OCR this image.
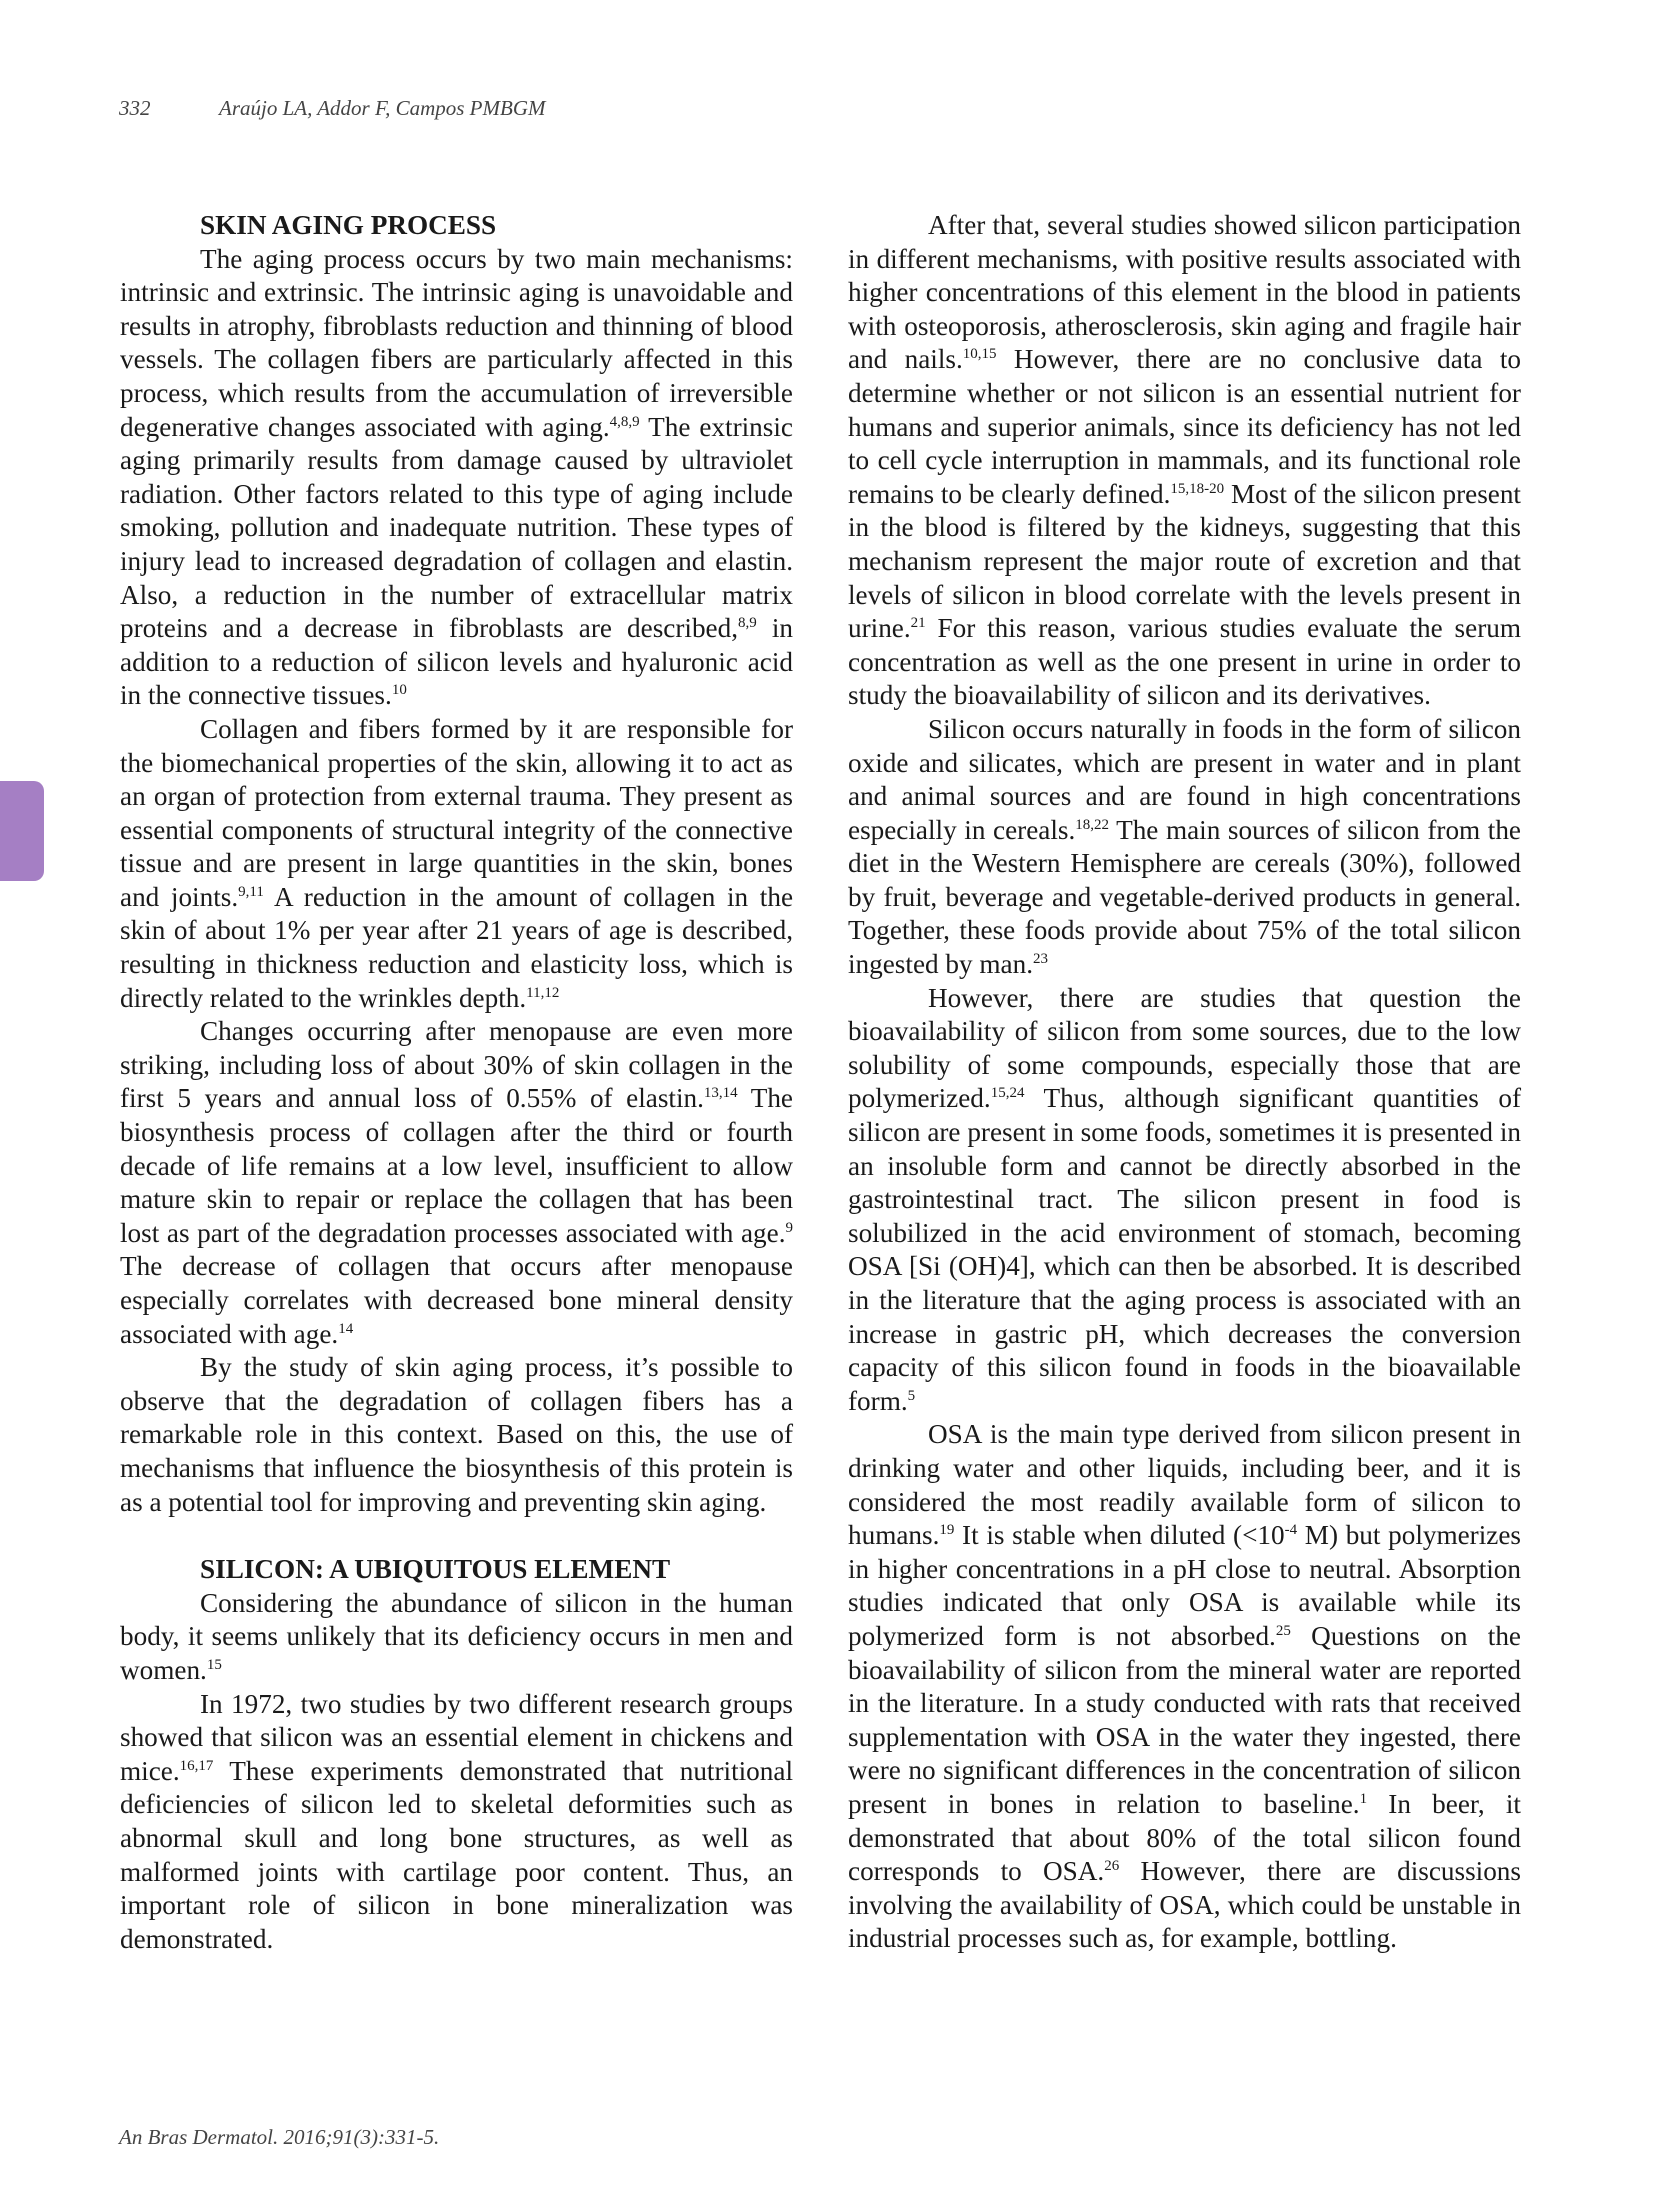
332	Araújo LA, Addor F, Campos PMBGM
SKIN AGING PROCESS

The aging process occurs by two main mechanisms: intrinsic and extrinsic. The intrinsic aging is unavoidable and results in atrophy, fibroblasts reduction and thinning of blood vessels. The collagen fibers are particularly affected in this process, which results from the accumulation of irreversible degenerative changes associated with aging.$^{4,8,9}$ The extrinsic aging primarily results from damage caused by ultraviolet radiation. Other factors related to this type of aging include smoking, pollution and inadequate nutrition. These types of injury lead to increased degradation of collagen and elastin. Also, a reduction in the number of extracellular matrix proteins and a decrease in fibroblasts are described,$^{8,9}$ in addition to a reduction of silicon levels and hyaluronic acid in the connective tissues.$^{10}$

Collagen and fibers formed by it are responsible for the biomechanical properties of the skin, allowing it to act as an organ of protection from external trauma. They present as essential components of structural integrity of the connective tissue and are present in large quantities in the skin, bones and joints.$^{9,11}$ A reduction in the amount of collagen in the skin of about 1% per year after 21 years of age is described, resulting in thickness reduction and elasticity loss, which is directly related to the wrinkles depth.$^{11,12}$

Changes occurring after menopause are even more striking, including loss of about 30% of skin collagen in the first 5 years and annual loss of 0.55% of elastin.$^{13,14}$ The biosynthesis process of collagen after the third or fourth decade of life remains at a low level, insufficient to allow mature skin to repair or replace the collagen that has been lost as part of the degradation processes associated with age.$^9$ The decrease of collagen that occurs after menopause especially correlates with decreased bone mineral density associated with age.$^{14}$

By the study of skin aging process, it’s possible to observe that the degradation of collagen fibers has a remarkable role in this context. Based on this, the use of mechanisms that influence the biosynthesis of this protein is as a potential tool for improving and preventing skin aging.

SILICON: A UBIQUITOUS ELEMENT

Considering the abundance of silicon in the human body, it seems unlikely that its deficiency occurs in men and women.$^{15}$

In 1972, two studies by two different research groups showed that silicon was an essential element in chickens and mice.$^{16,17}$ These experiments demonstrated that nutritional deficiencies of silicon led to skeletal deformities such as abnormal skull and long bone structures, as well as malformed joints with cartilage poor content. Thus, an important role of silicon in bone mineralization was demonstrated.

After that, several studies showed silicon participation in different mechanisms, with positive results associated with higher concentrations of this element in the blood in patients with osteoporosis, atherosclerosis, skin aging and fragile hair and nails.$^{10,15}$ However, there are no conclusive data to determine whether or not silicon is an essential nutrient for humans and superior animals, since its deficiency has not led to cell cycle interruption in mammals, and its functional role remains to be clearly defined.$^{15,18-20}$ Most of the silicon present in the blood is filtered by the kidneys, suggesting that this mechanism represent the major route of excretion and that levels of silicon in blood correlate with the levels present in urine.$^{21}$ For this reason, various studies evaluate the serum concentration as well as the one present in urine in order to study the bioavailability of silicon and its derivatives.

Silicon occurs naturally in foods in the form of silicon oxide and silicates, which are present in water and in plant and animal sources and are found in high concentrations especially in cereals.$^{18,22}$ The main sources of silicon from the diet in the Western Hemisphere are cereals (30%), followed by fruit, beverage and vegetable-derived products in general. Together, these foods provide about 75% of the total silicon ingested by man.$^{23}$

However, there are studies that question the bioavailability of silicon from some sources, due to the low solubility of some compounds, especially those that are polymerized.$^{15,24}$ Thus, although significant quantities of silicon are present in some foods, sometimes it is presented in an insoluble form and cannot be directly absorbed in the gastrointestinal tract. The silicon present in food is solubilized in the acid environment of stomach, becoming OSA [Si (OH)4], which can then be absorbed. It is described in the literature that the aging process is associated with an increase in gastric pH, which decreases the conversion capacity of this silicon found in foods in the bioavailable form.$^5$

OSA is the main type derived from silicon present in drinking water and other liquids, including beer, and it is considered the most readily available form of silicon to humans.$^{19}$ It is stable when diluted ($<10^{-4}$ M) but polymerizes in higher concentrations in a pH close to neutral. Absorption studies indicated that only OSA is available while its polymerized form is not absorbed.$^{25}$ Questions on the bioavailability of silicon from the mineral water are reported in the literature. In a study conducted with rats that received supplementation with OSA in the water they ingested, there were no significant differences in the concentration of silicon present in bones in relation to baseline.$^1$ In beer, it demonstrated that about 80% of the total silicon found corresponds to OSA.$^{26}$ However, there are discussions involving the availability of OSA, which could be unstable in industrial processes such as, for example, bottling.

An Bras Dermatol. 2016;91(3):331-5.
